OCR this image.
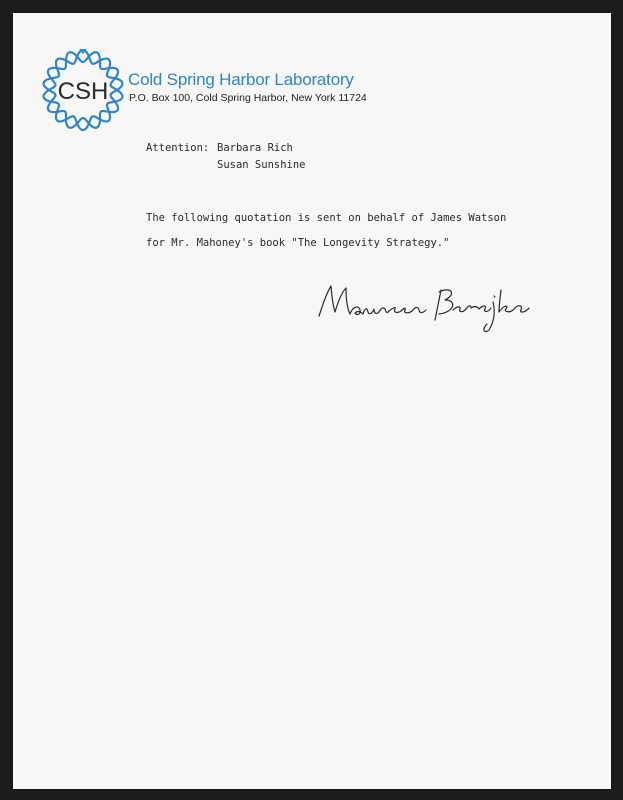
CSH Cold Spring Harbor Laboratory
P.O. Box 100, Cold Spring Harbor, New York 11724
Attention: Barbara Rich
Susan Sunshine
The following quotation is sent on behalf of James Watson
for Mr. Mahoney's book "The Longevity Strategy."
